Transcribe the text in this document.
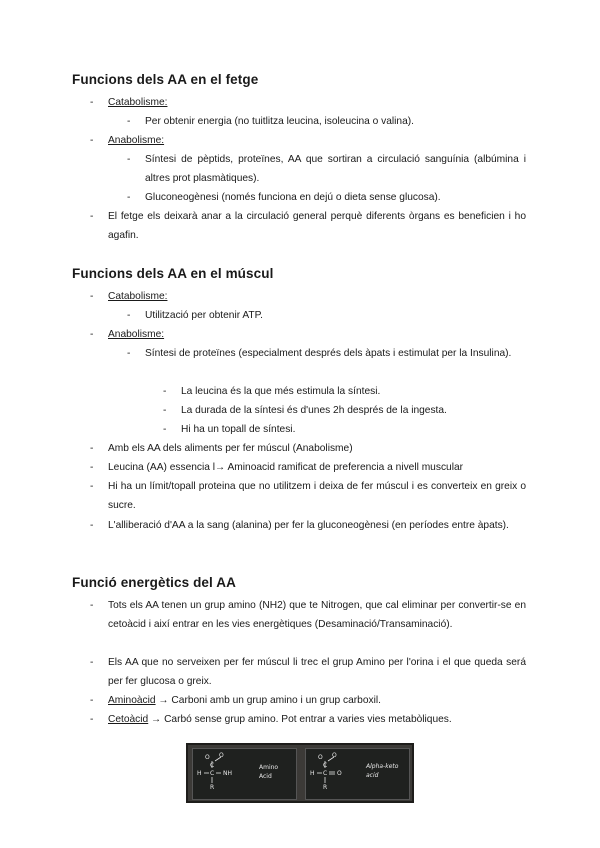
Funcions dels AA en el fetge
- Catabolisme:
- Per obtenir energia (no tuitlitza leucina, isoleucina o valina).
- Anabolisme:
- Síntesi de pèptids, proteïnes, AA que sortiran a circulació sanguínia (albúmina i altres prot plasmàtiques).
- Gluconeogènesi (només funciona en dejú o dieta sense glucosa).
- El fetge els deixarà anar a la circulació general perquè diferents òrgans es beneficien i ho agafin.
Funcions dels AA en el múscul
- Catabolisme:
- Utilització per obtenir ATP.
- Anabolisme:
- Síntesi de proteïnes (especialment després dels àpats i estimulat per la Insulina).
- La leucina és la que més estimula la síntesi.
- La durada de la síntesi és d'unes 2h després de la ingesta.
- Hi ha un topall de síntesi.
- Amb els AA dels aliments per fer múscul (Anabolisme)
- Leucina (AA) essencia l→ Aminoacid ramificat de preferencia a nivell muscular
- Hi ha un límit/topall proteina que no utilitzem i deixa de fer múscul i es converteix en greix o sucre.
- L'alliberació d'AA a la sang (alanina) per fer la gluconeogènesi (en períodes entre àpats).
Funció energètics del AA
- Tots els AA tenen un grup amino (NH2) que te Nitrogen, que cal eliminar per convertir-se en cetoàcid i així entrar en les vies energètiques (Desaminació/Transaminació).
- Els AA que no serveixen per fer múscul li trec el grup Amino per l'orina i el que queda será per fer glucosa o greix.
- Aminoàcid → Carboni amb un grup amino i un grup carboxil.
- Cetoàcid → Carbó sense grup amino. Pot entrar a varies vies metabòliques.
O O
C
H C NH
R
Amino
Acid
O O
C
H C O
R
Alpha-keto
acid
